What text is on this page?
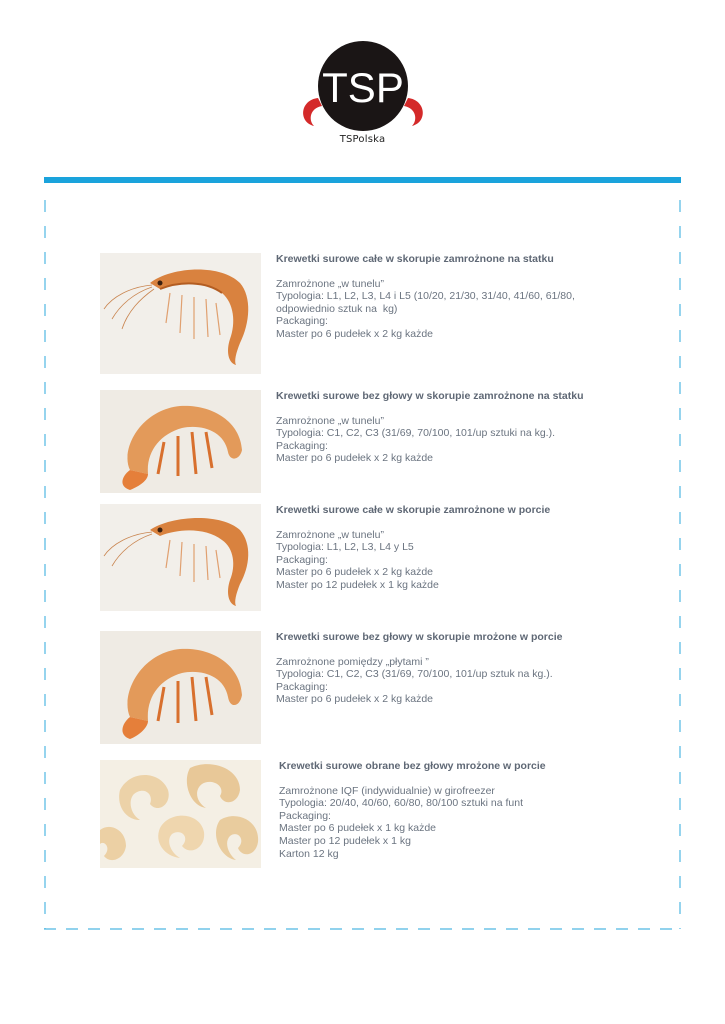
TSP
TSPolska
Krewetki surowe całe w skorupie zamrożnone na statku
Zamrożnone „w tunelu”
Typologia: L1, L2, L3, L4 i L5 (10/20, 21/30, 31/40, 41/60, 61/80,
odpowiednio sztuk na  kg)
Packaging:
Master po 6 pudełek x 2 kg każde
Krewetki surowe bez głowy w skorupie zamrożnone na statku
Zamrożnone „w tunelu”
Typologia: C1, C2, C3 (31/69, 70/100, 101/up sztuki na kg.).
Packaging:
Master po 6 pudełek x 2 kg każde
Krewetki surowe całe w skorupie zamrożnone w porcie
Zamrożnone „w tunelu”
Typologia: L1, L2, L3, L4 y L5
Packaging:
Master po 6 pudełek x 2 kg każde
Master po 12 pudełek x 1 kg każde
Krewetki surowe bez głowy w skorupie mrożone w porcie
Zamrożnone pomiędzy „płytami ”
Typologia: C1, C2, C3 (31/69, 70/100, 101/up sztuk na kg.).
Packaging:
Master po 6 pudełek x 2 kg każde
Krewetki surowe obrane bez głowy mrożone w porcie
Zamrożnone IQF (indywidualnie) w girofreezer
Typologia: 20/40, 40/60, 60/80, 80/100 sztuki na funt
Packaging:
Master po 6 pudełek x 1 kg każde
Master po 12 pudełek x 1 kg
Karton 12 kg
